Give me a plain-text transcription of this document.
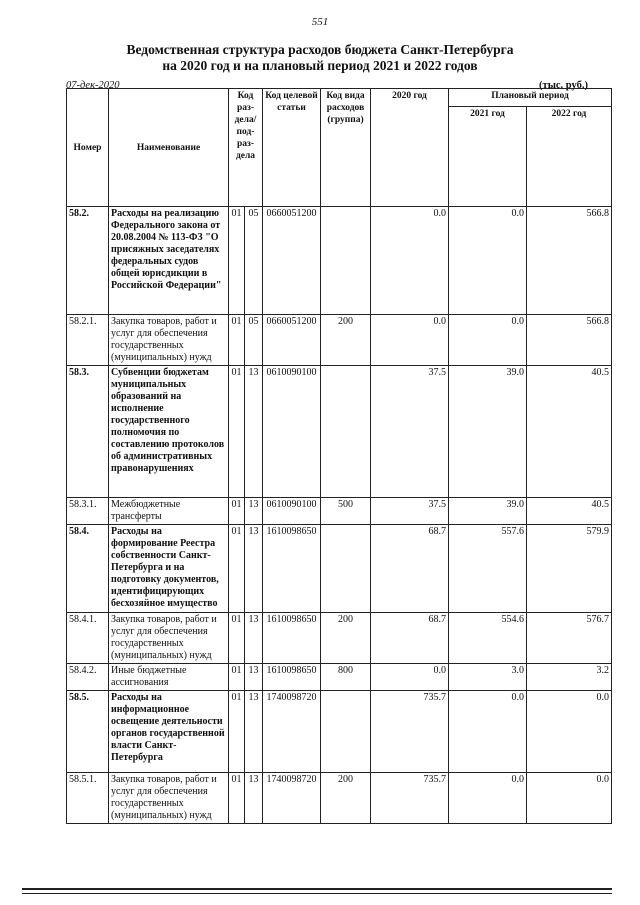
551
Ведомственная структура расходов бюджета Санкт-Петербурга
на 2020 год и на плановый период 2021 и 2022 годов
07-дек-2020	(тыс. руб.)
Номер	Наименование	Код раз- дела/ под- раз- дела		Код целевой статьи	Код вида расходов (группа)	2020 год	Плановый период	
							2021 год	2022 год
58.2.	Расходы на реализацию Федерального закона от 20.08.2004 № 113-ФЗ "О присяжных заседателях федеральных судов общей юрисдикции в Российской Федерации"	01	05	0660051200		0.0	0.0	566.8
58.2.1.	Закупка товаров, работ и услуг для обеспечения государственных (муниципальных) нужд	01	05	0660051200	200	0.0	0.0	566.8
58.3.	Субвенции бюджетам муниципальных образований на исполнение государственного полномочия по составлению протоколов об административных правонарушениях	01	13	0610090100		37.5	39.0	40.5
58.3.1.	Межбюджетные трансферты	01	13	0610090100	500	37.5	39.0	40.5
58.4.	Расходы на формирование Реестра собственности Санкт-Петербурга и на подготовку документов, идентифицирующих бесхозяйное имущество	01	13	1610098650		68.7	557.6	579.9
58.4.1.	Закупка товаров, работ и услуг для обеспечения государственных (муниципальных) нужд	01	13	1610098650	200	68.7	554.6	576.7
58.4.2.	Иные бюджетные ассигнования	01	13	1610098650	800	0.0	3.0	3.2
58.5.	Расходы на информационное освещение деятельности органов государственной власти Санкт-Петербурга	01	13	1740098720		735.7	0.0	0.0
58.5.1.	Закупка товаров, работ и услуг для обеспечения государственных (муниципальных) нужд	01	13	1740098720	200	735.7	0.0	0.0
